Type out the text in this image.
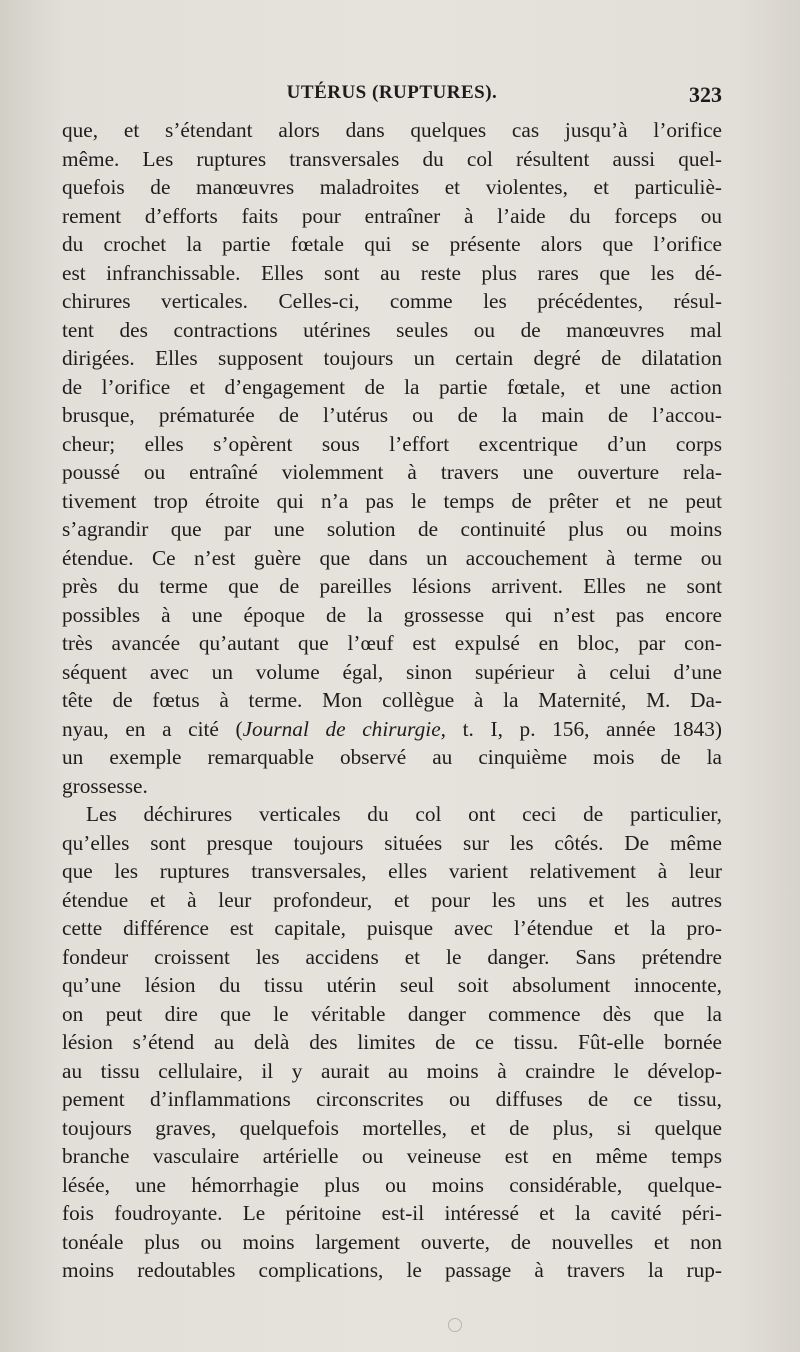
UTÉRUS (RUPTURES).	323
que, et s’étendant alors dans quelques cas jusqu’à l’orifice
même. Les ruptures transversales du col résultent aussi quel-
quefois de manœuvres maladroites et violentes, et particuliè-
rement d’efforts faits pour entraîner à l’aide du forceps ou
du crochet la partie fœtale qui se présente alors que l’orifice
est infranchissable. Elles sont au reste plus rares que les dé-
chirures verticales. Celles-ci, comme les précédentes, résul-
tent des contractions utérines seules ou de manœuvres mal
dirigées. Elles supposent toujours un certain degré de dilatation
de l’orifice et d’engagement de la partie fœtale, et une action
brusque, prématurée de l’utérus ou de la main de l’accou-
cheur; elles s’opèrent sous l’effort excentrique d’un corps
poussé ou entraîné violemment à travers une ouverture rela-
tivement trop étroite qui n’a pas le temps de prêter et ne peut
s’agrandir que par une solution de continuité plus ou moins
étendue. Ce n’est guère que dans un accouchement à terme ou
près du terme que de pareilles lésions arrivent. Elles ne sont
possibles à une époque de la grossesse qui n’est pas encore
très avancée qu’autant que l’œuf est expulsé en bloc, par con-
séquent avec un volume égal, sinon supérieur à celui d’une
tête de fœtus à terme. Mon collègue à la Maternité, M. Da-
nyau, en a cité (Journal de chirurgie, t. I, p. 156, année 1843)
un exemple remarquable observé au cinquième mois de la
grossesse.
Les déchirures verticales du col ont ceci de particulier,
qu’elles sont presque toujours situées sur les côtés. De même
que les ruptures transversales, elles varient relativement à leur
étendue et à leur profondeur, et pour les uns et les autres
cette différence est capitale, puisque avec l’étendue et la pro-
fondeur croissent les accidens et le danger. Sans prétendre
qu’une lésion du tissu utérin seul soit absolument innocente,
on peut dire que le véritable danger commence dès que la
lésion s’étend au delà des limites de ce tissu. Fût-elle bornée
au tissu cellulaire, il y aurait au moins à craindre le dévelop-
pement d’inflammations circonscrites ou diffuses de ce tissu,
toujours graves, quelquefois mortelles, et de plus, si quelque
branche vasculaire artérielle ou veineuse est en même temps
lésée, une hémorrhagie plus ou moins considérable, quelque-
fois foudroyante. Le péritoine est-il intéressé et la cavité péri-
tonéale plus ou moins largement ouverte, de nouvelles et non
moins redoutables complications, le passage à travers la rup-
